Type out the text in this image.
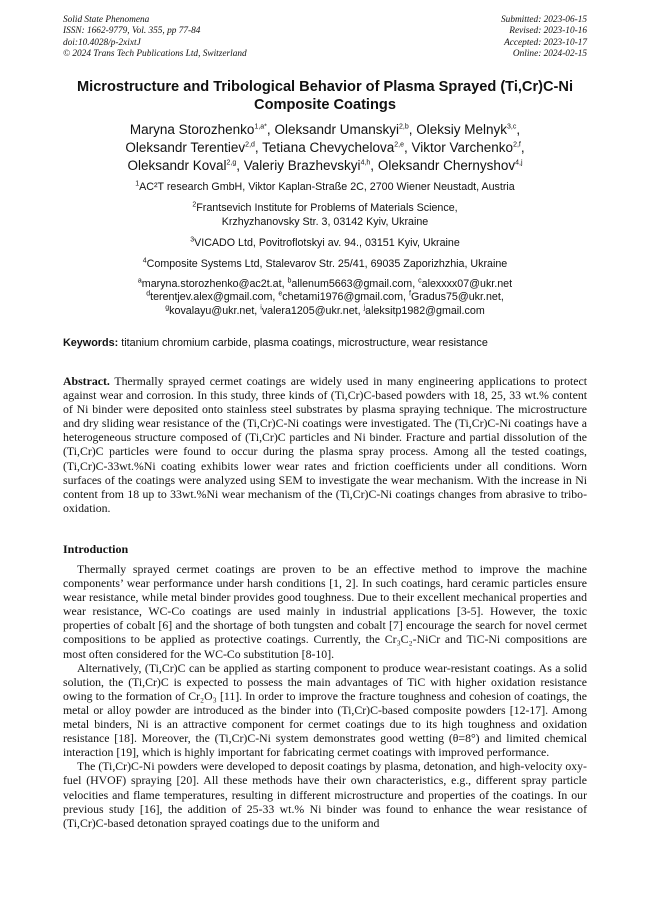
Solid State Phenomena
ISSN: 1662-9779, Vol. 355, pp 77-84
doi:10.4028/p-2xixtJ
© 2024 Trans Tech Publications Ltd, Switzerland
Submitted: 2023-06-15
Revised: 2023-10-16
Accepted: 2023-10-17
Online: 2024-02-15
Microstructure and Tribological Behavior of Plasma Sprayed (Ti,Cr)C-Ni
Composite Coatings
Maryna Storozhenko$^{1,a*}$, Oleksandr Umanskyi$^{2,b}$, Oleksiy Melnyk$^{3,c}$,
Oleksandr Terentiev$^{2,d}$, Tetiana Chevychelova$^{2,e}$, Viktor Varchenko$^{2,f}$,
Oleksandr Koval$^{2,g}$, Valeriy Brazhevskyi$^{4,h}$, Oleksandr Chernyshov$^{4,j}$
$^1$AC²T research GmbH, Viktor Kaplan-Straße 2C, 2700 Wiener Neustadt, Austria
$^2$Frantsevich Institute for Problems of Materials Science,
Krzhyzhanovsky Str. 3, 03142 Kyiv, Ukraine
$^3$VICADO Ltd, Povitroflotskyi av. 94., 03151 Kyiv, Ukraine
$^4$Composite Systems Ltd, Stalevarov Str. 25/41, 69035 Zaporizhzhia, Ukraine
$^a$maryna.storozhenko@ac2t.at, $^b$allenum5663@gmail.com, $^c$alexxxx07@ukr.net
$^d$terentjev.alex@gmail.com, $^e$chetami1976@gmail.com, $^f$Gradus75@ukr.net,
$^g$kovalayu@ukr.net, $^i$valera1205@ukr.net, $^j$aleksitp1982@gmail.com
Keywords: titanium chromium carbide, plasma coatings, microstructure, wear resistance
Abstract. Thermally sprayed cermet coatings are widely used in many engineering applications to protect against wear and corrosion. In this study, three kinds of (Ti,Cr)C-based powders with 18, 25, 33 wt.% content of Ni binder were deposited onto stainless steel substrates by plasma spraying technique. The microstructure and dry sliding wear resistance of the (Ti,Cr)C-Ni coatings were investigated. The (Ti,Cr)C-Ni coatings have a heterogeneous structure composed of (Ti,Cr)C particles and Ni binder. Fracture and partial dissolution of the (Ti,Cr)C particles were found to occur during the plasma spray process. Among all the tested coatings, (Ti,Cr)C-33wt.%Ni coating exhibits lower wear rates and friction coefficients under all conditions. Worn surfaces of the coatings were analyzed using SEM to investigate the wear mechanism. With the increase in Ni content from 18 up to 33wt.%Ni wear mechanism of the (Ti,Cr)C-Ni coatings changes from abrasive to tribo-oxidation.
Introduction

Thermally sprayed cermet coatings are proven to be an effective method to improve the machine components’ wear performance under harsh conditions [1, 2]. In such coatings, hard ceramic particles ensure wear resistance, while metal binder provides good toughness. Due to their excellent mechanical properties and wear resistance, WC-Co coatings are used mainly in industrial applications [3-5]. However, the toxic properties of cobalt [6] and the shortage of both tungsten and cobalt [7] encourage the search for novel cermet compositions to be applied as protective coatings. Currently, the Cr₃C₂-NiCr and TiC-Ni compositions are most often considered for the WC-Co substitution [8-10].

Alternatively, (Ti,Cr)C can be applied as starting component to produce wear-resistant coatings. As a solid solution, the (Ti,Cr)C is expected to possess the main advantages of TiC with higher oxidation resistance owing to the formation of Cr₂O₃ [11]. In order to improve the fracture toughness and cohesion of coatings, the metal or alloy powder are introduced as the binder into (Ti,Cr)C-based composite powders [12-17]. Among metal binders, Ni is an attractive component for cermet coatings due to its high toughness and oxidation resistance [18]. Moreover, the (Ti,Cr)C-Ni system demonstrates good wetting (θ=8°) and limited chemical interaction [19], which is highly important for fabricating cermet coatings with improved performance.

The (Ti,Cr)C-Ni powders were developed to deposit coatings by plasma, detonation, and high-velocity oxy-fuel (HVOF) spraying [20]. All these methods have their own characteristics, e.g., different spray particle velocities and flame temperatures, resulting in different microstructure and properties of the coatings. In our previous study [16], the addition of 25-33 wt.% Ni binder was found to enhance the wear resistance of (Ti,Cr)C-based detonation sprayed coatings due to the uniform and
